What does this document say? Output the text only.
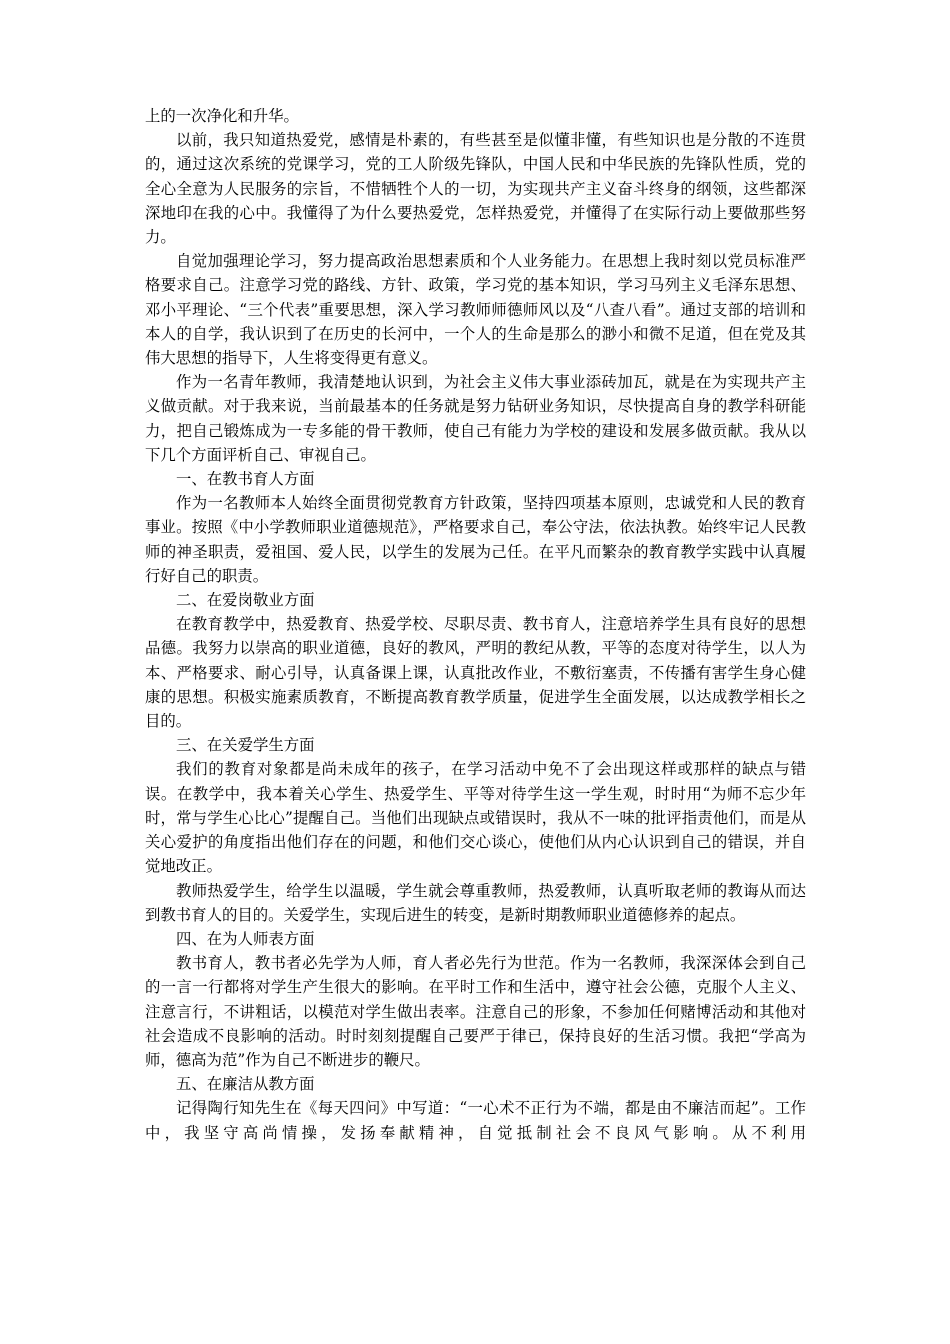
上的一次净化和升华。

以前，我只知道热爱党，感情是朴素的，有些甚至是似懂非懂，有些知识也是分散的不连贯的，通过这次系统的党课学习，党的工人阶级先锋队，中国人民和中华民族的先锋队性质，党的全心全意为人民服务的宗旨，不惜牺牲个人的一切，为实现共产主义奋斗终身的纲领，这些都深深地印在我的心中。我懂得了为什么要热爱党，怎样热爱党，并懂得了在实际行动上要做那些努力。

自觉加强理论学习，努力提高政治思想素质和个人业务能力。在思想上我时刻以党员标准严格要求自己。注意学习党的路线、方针、政策，学习党的基本知识，学习马列主义毛泽东思想、邓小平理论、“三个代表”重要思想，深入学习教师师德师风以及“八查八看”。通过支部的培训和本人的自学，我认识到了在历史的长河中，一个人的生命是那么的渺小和微不足道，但在党及其伟大思想的指导下，人生将变得更有意义。

作为一名青年教师，我清楚地认识到，为社会主义伟大事业添砖加瓦，就是在为实现共产主义做贡献。对于我来说，当前最基本的任务就是努力钻研业务知识，尽快提高自身的教学科研能力，把自己锻炼成为一专多能的骨干教师，使自己有能力为学校的建设和发展多做贡献。我从以下几个方面评析自己、审视自己。

一、在教书育人方面

作为一名教师本人始终全面贯彻党教育方针政策，坚持四项基本原则，忠诚党和人民的教育事业。按照《中小学教师职业道德规范》，严格要求自己，奉公守法，依法执教。始终牢记人民教师的神圣职责，爱祖国、爱人民，以学生的发展为己任。在平凡而繁杂的教育教学实践中认真履行好自己的职责。

二、在爱岗敬业方面

在教育教学中，热爱教育、热爱学校、尽职尽责、教书育人，注意培养学生具有良好的思想品德。我努力以崇高的职业道德，良好的教风，严明的教纪从教，平等的态度对待学生，以人为本、严格要求、耐心引导，认真备课上课，认真批改作业，不敷衍塞责，不传播有害学生身心健康的思想。积极实施素质教育，不断提高教育教学质量，促进学生全面发展，以达成教学相长之目的。

三、在关爱学生方面

我们的教育对象都是尚未成年的孩子，在学习活动中免不了会出现这样或那样的缺点与错误。在教学中，我本着关心学生、热爱学生、平等对待学生这一学生观，时时用“为师不忘少年时，常与学生心比心”提醒自己。当他们出现缺点或错误时，我从不一味的批评指责他们，而是从关心爱护的角度指出他们存在的问题，和他们交心谈心，使他们从内心认识到自己的错误，并自觉地改正。

教师热爱学生，给学生以温暖，学生就会尊重教师，热爱教师，认真听取老师的教诲从而达到教书育人的目的。关爱学生，实现后进生的转变，是新时期教师职业道德修养的起点。

四、在为人师表方面

教书育人，教书者必先学为人师，育人者必先行为世范。作为一名教师，我深深体会到自己的一言一行都将对学生产生很大的影响。在平时工作和生活中，遵守社会公德，克服个人主义、注意言行，不讲粗话，以模范对学生做出表率。注意自己的形象，不参加任何赌博活动和其他对社会造成不良影响的活动。时时刻刻提醒自己要严于律已，保持良好的生活习惯。我把“学高为师，德高为范”作为自己不断进步的鞭尺。

五、在廉洁从教方面

记得陶行知先生在《每天四问》中写道：“一心术不正行为不端，都是由不廉洁而起”。工作中，我坚守高尚情操，发扬奉献精神，自觉抵制社会不良风气影响。从不利用
